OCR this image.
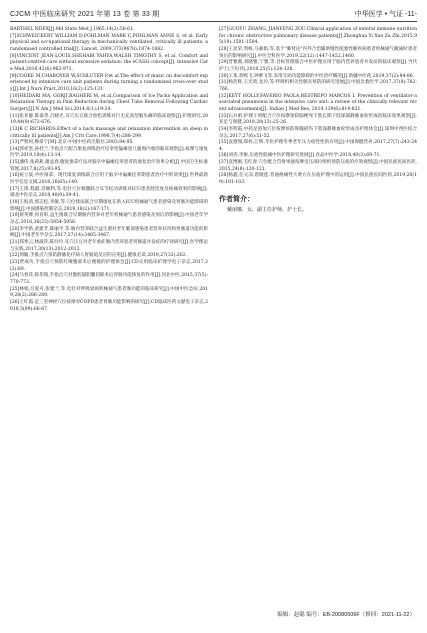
CJCM 中医临床研究 2021 年第 13 卷 第 33 期	中华医学 • 气证 -11-

BARTHEL NDEX[J].Md State Med J,1965,14(2):56-61.

[7]SCHWEICKERT WILLIAM D,POHLMAN MARK C,POHLMAN ANNE S, et al. Early physical and occupational therapy in mechanically ventilated, critically ill patients: a randomised controlled trial[J]. Lancet, 2009,373(9678):1874-1882.

[8]VINCENT JEAN-LOUIS,SHEHABI YAHYA,WALSH TIMOTHY S, et al. Comfort and patient-centred care without excessive sedation: the eCASH concept[J]. Intensive Care Med,2016,42(6):962-971.

[9]COOKE M,CHABOYER W,SCHLUTER P,et al.The effect of music on discomfort experienced by intensive care unit patients during turning a randomized cross-over study[J].Int J Nurs Pract,2010,16(2):125-131.

[10]HEIDARI MA, GORJI,BAGHERI M, et al.Comparison of Ice Packs Application and Relaxation Therapy in Pain Reduction during Chest Tube Removal Following Cardiac Surgery[J].N Am J Med Sci,2014,6(1):19-24.

[11]张亚静,陈秦善,吕晓光.耳穴压豆联合放松训练对行无充高型脑头痛的临床观察[J].护理研究,2019,44(9):672-676.

[12]K C RICHARDS.Effect of a back massage and relaxation intervention on sleep in critically ill patients[J].Am J Crit Care,1998,7(4):288-299.

[13]严智珂,穆拿宁[M].北京:中国中医药出版社,2003:94-95.

[14]郭祥坚,孙桂兰.手指点穴配合康复训练治疗痉挛型偏瘫患儿腹围内收的临床观察[J].按摩与康复医学,2019,10(4):13-14.

[15]潘伟,张莉莉,谢益春.腹复推拿疗法对脑卒中偏瘫痉挛患者的康复治疗效果分析[J].中国卫生标准管理,2017,8(25):93-95.

[16]祝立波,中医推拿、现代康复训练联合应用于脑卒中偏瘫痉挛期患者治疗中的效果[J].世界最新医学信息文摘,2016,16(65):149.

[17]王锋,程淑,肖刚利,等.电针穴位刺激联合耳节松动训练对ICU患者舒适度及疼痛效果的影响[J].湖北中医杂志,2018,40(9):39-41.

[18]王海清,郭志松,李敏,等.穴位揉法联合早期康复在新入ICU机械通气患者感染及胃肠功能障碍的影响[J].中国感染控制杂志,2019,18(2):167-171.

[19]蔡英博,何育彰,益生菌联合早期肠内营养对老年机械通气患者感染及预后的影响[J].中国老年学杂志,2016,36(23):5954-5956.

[20]李学新,武建芳,陈丽平,等.肠内营养联合益生菌对老年肺部感染患者营养状况和胃肠道功能的影响[J].中国老年学杂志,2017,37(14):3465-3467.

[21]郑秀云,林淑萍,陈玲玲.耳穴压豆对老年重症肠内营养患者胃肠道并发症的疗效研究[J].医学理论与实践,2017,30(13):2012-2013.

[22]周颖,手推点穴预防静脉化疗病人胃肠道反应的应用[J].健康必读,2019,27(32):262.

[23]贾成功,手指点穴预防红喉腹部术后便秘的护理体会[J].CD实用临床护理学电子杂志,2017,2(2):69.

[24]马春萍,陈伟瑞,手指点穴对腹腔镜胆囊切除术后胃肠功能恢复的作用[J].河北中医,2015,37(5):770-772.

[25]林娟,吕爱可,张建兰,等.电针对呼吸衰竭机械通气患者肠功能的临床研究[J].中国中医急症,2019,28(2):286-289.

[26]王红霞.足三里神经穴位按摩对COPD患者胃肠功能影响的研究[J].CD临床医药文献电子杂志,2018,5(99):66-67.

[27]GUOYU ZHANG, JIANFENG ZOU.Clinical application of enteral immune nutrition for chronic obstructive pulmonary disease patients[J].Zhonghua Yi Xue Za Zhi,2015,95(19):1501-1504.

[28]王显荣,周杨,马素娟,等.基于"肺肾论"内外合治辅助慢性阻塞性肺疾病患者机械通气撤离时患者预后的影响研究[J].中医全科医学,2019,22(12):1447-1452,1460.

[29]晋雅薇,刘晓雅,宁雅,等.目标管理联合中医护理应用于脑内营养患者并发症的临床观察[J].当代护士(下旬刊),2018,25(5):124-126.

[30]王莱,蒋熙飞,钟乘飞等.采用互助功能障碍的中医治疗概况[J].新疆中医药,2019,37(2):84-86.

[31]杨浩辉,王光琦,龙玲,等.呼吸机相关性肺炎预防的研究进展[J].中国急救医学,2017,37(8):762-766.

[32]KEYT HOLLY,FAVERIO PAOLA,RESTREPO MARCOS I. Prevention of ventilator-associated pneumonia in the intensive care unit: a review of the clinically relevant recent advancements[J]. Indian J Med Res, 2014,139(6):814-821.

[33]石兵娟.护理干预配合穴位按摩预防脑梗死下肢长期下肢深部静脉血栓形成的临床效果观察[J].亚足与保健,2019,28(13):25-26.

[34]李明霞.中药足浴加穴位按摩预防脊髓损伤下肢深静脉血栓形成及护理体会[J].深圳中西医结合杂志,2017,27(6):51-52.

[35]袁德瑞,郑梓,江辉.冬医护理冬季老年压力疮性性的应用[J].中国保健营养,2017,27(7):243-244.

[36]刘杏,李俊,压疮性肌痛中医护理研究进展[J].食品中医学,2018,40(3):69-71.

[37]袁博刚,毛红春,穴位配合首射果液按摩受压部位组织预防压疮的疗效观察[J].中国民族民间医药,2015,24(8):120-121.

[38]杨鑫,任元凉,唐晓莲.普通疼痛性大黄方在压疮护理中的运用[J].中国民族民间医药,2019,28(19):101-103.

作者简介：
戴丽娜，女，副主任护师，护士长。
编辑：赵聪 编号：EB-20080506F（修回：2021-11-22）
